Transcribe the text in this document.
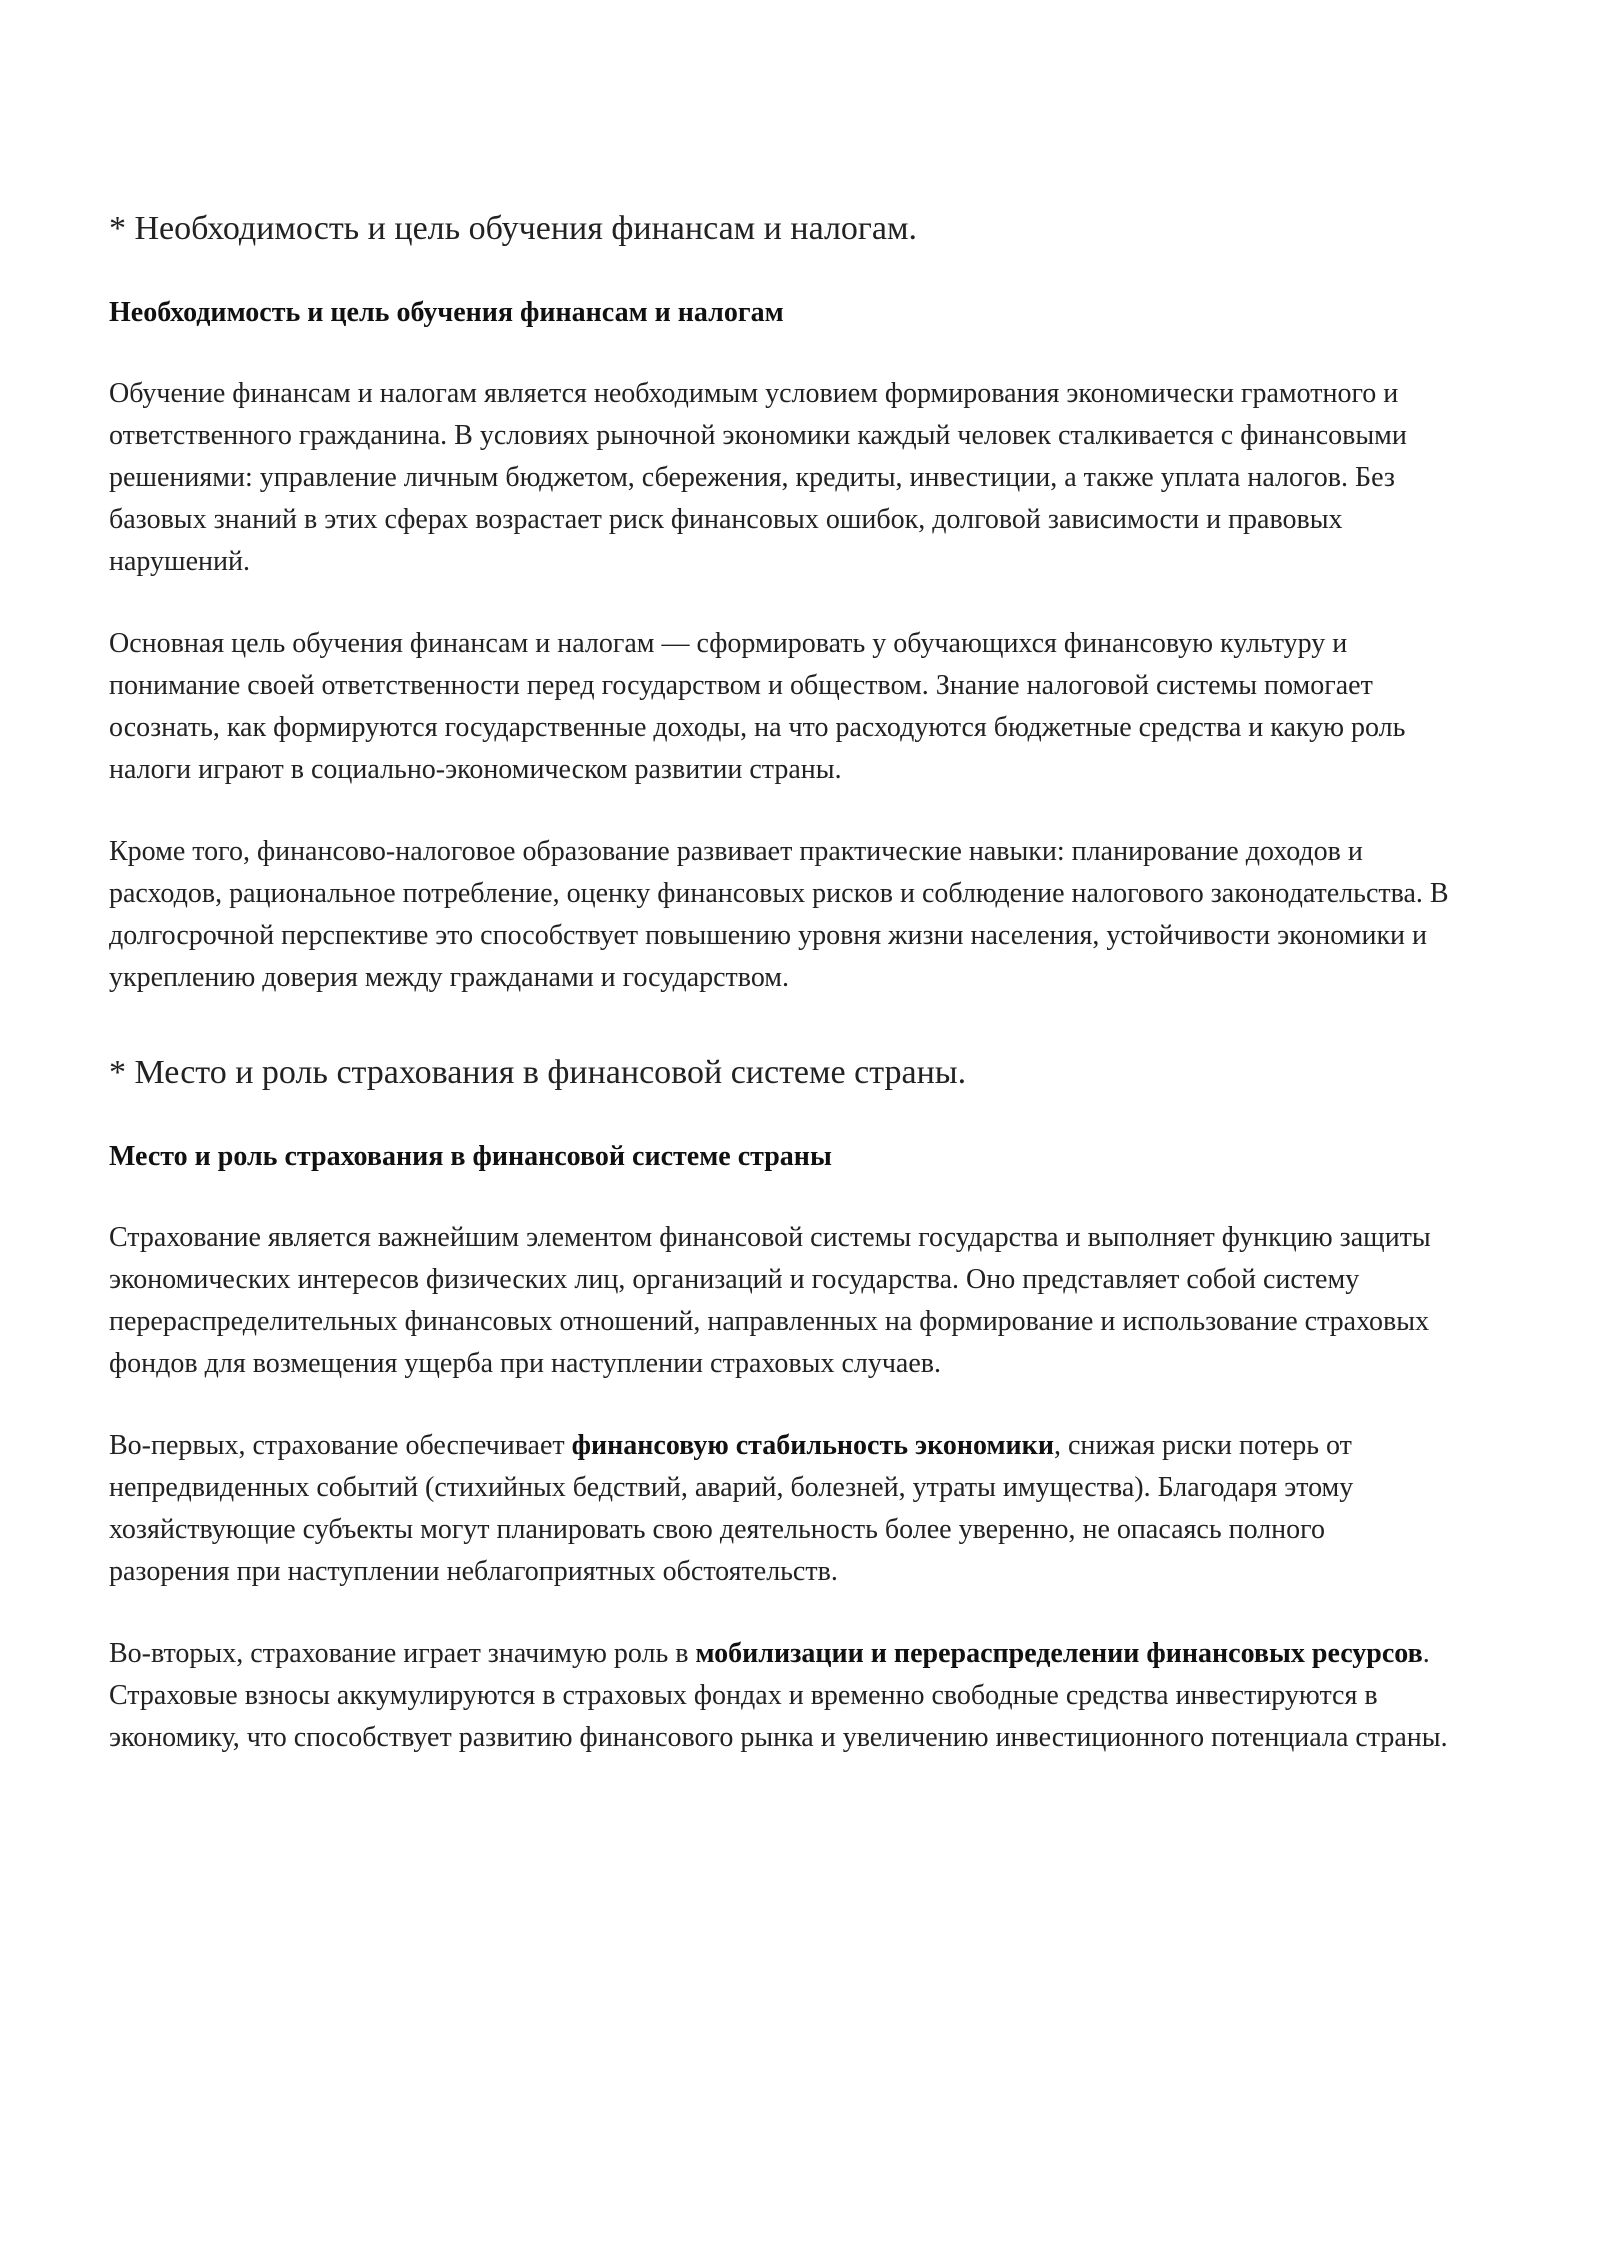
* Необходимость и цель обучения финансам и налогам.
Необходимость и цель обучения финансам и налогам

Обучение финансам и налогам является необходимым условием формирования экономически грамотного и ответственного гражданина. В условиях рыночной экономики каждый человек сталкивается с финансовыми решениями: управление личным бюджетом, сбережения, кредиты, инвестиции, а также уплата налогов. Без базовых знаний в этих сферах возрастает риск финансовых ошибок, долговой зависимости и правовых нарушений.

Основная цель обучения финансам и налогам — сформировать у обучающихся финансовую культуру и понимание своей ответственности перед государством и обществом. Знание налоговой системы помогает осознать, как формируются государственные доходы, на что расходуются бюджетные средства и какую роль налоги играют в социально-экономическом развитии страны.

Кроме того, финансово-налоговое образование развивает практические навыки: планирование доходов и расходов, рациональное потребление, оценку финансовых рисков и соблюдение налогового законодательства. В долгосрочной перспективе это способствует повышению уровня жизни населения, устойчивости экономики и укреплению доверия между гражданами и государством.

* Место и роль страхования в финансовой системе страны.
Место и роль страхования в финансовой системе страны

Страхование является важнейшим элементом финансовой системы государства и выполняет функцию защиты экономических интересов физических лиц, организаций и государства. Оно представляет собой систему перераспределительных финансовых отношений, направленных на формирование и использование страховых фондов для возмещения ущерба при наступлении страховых случаев.

Во-первых, страхование обеспечивает финансовую стабильность экономики, снижая риски потерь от непредвиденных событий (стихийных бедствий, аварий, болезней, утраты имущества). Благодаря этому хозяйствующие субъекты могут планировать свою деятельность более уверенно, не опасаясь полного разорения при наступлении неблагоприятных обстоятельств.

Во-вторых, страхование играет значимую роль в мобилизации и перераспределении финансовых ресурсов. Страховые взносы аккумулируются в страховых фондах и временно свободные средства инвестируются в экономику, что способствует развитию финансового рынка и увеличению инвестиционного потенциала страны.
